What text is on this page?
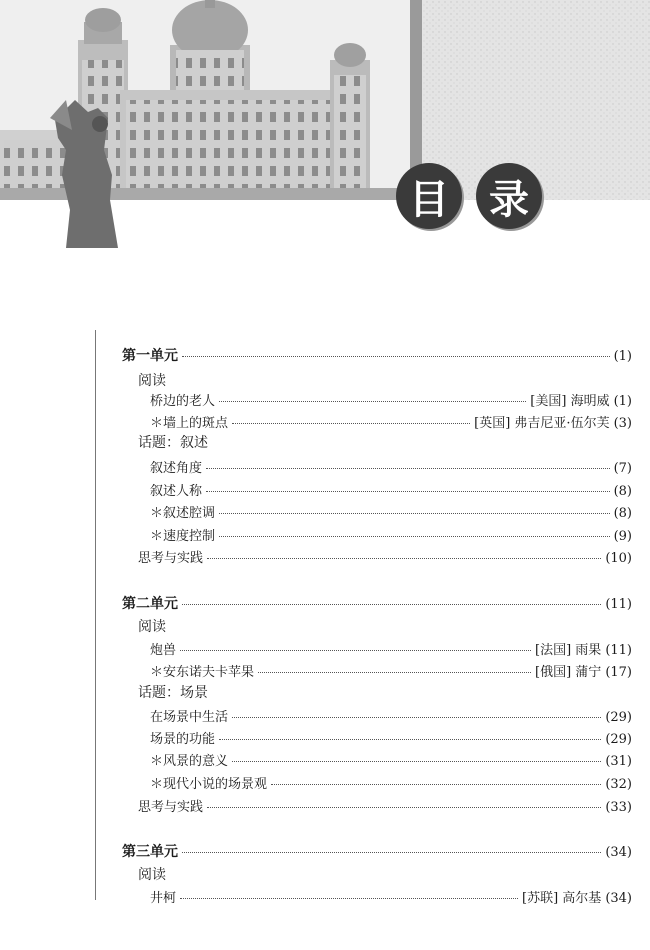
目	录
第一单元	(1)
阅读
桥边的老人	[美国] 海明威 (1)
＊墙上的斑点	[英国] 弗吉尼亚·伍尔芙 (3)
话题：叙述
叙述角度	(7)
叙述人称	(8)
＊叙述腔调	(8)
＊速度控制	(9)
思考与实践	(10)
第二单元	(11)
阅读
炮兽	[法国] 雨果 (11)
＊安东诺夫卡苹果	[俄国] 蒲宁 (17)
话题：场景
在场景中生活	(29)
场景的功能	(29)
＊风景的意义	(31)
＊现代小说的场景观	(32)
思考与实践	(33)
第三单元	(34)
阅读
井柯	[苏联] 高尔基 (34)
